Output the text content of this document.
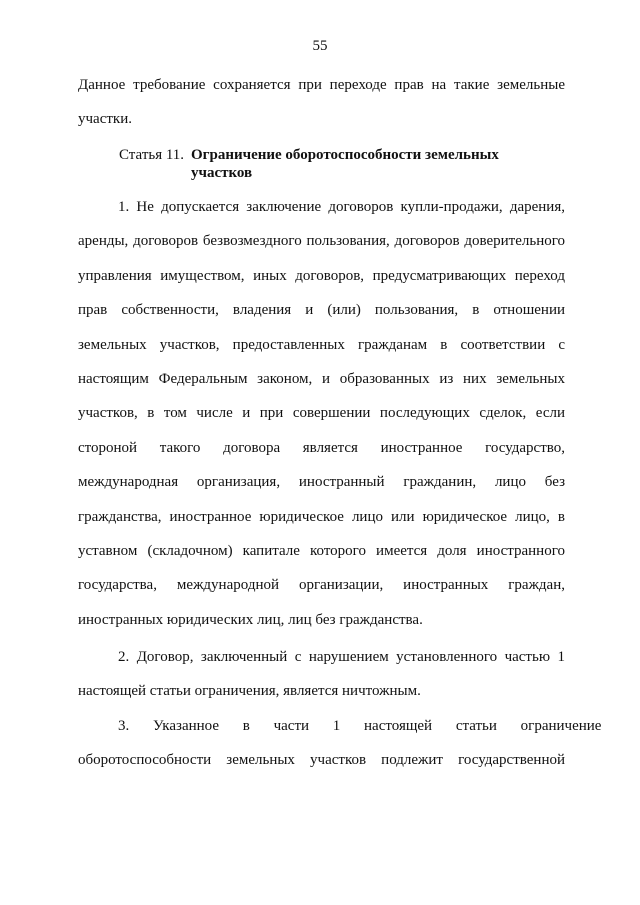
55
Данное требование сохраняется при переходе прав на такие земельные
участки.
Статья 11. Ограничение оборотоспособности земельных
участков
1. Не допускается заключение договоров купли-продажи, дарения,
аренды, договоров безвозмездного пользования, договоров доверительного
управления имуществом, иных договоров, предусматривающих переход
прав собственности, владения и (или) пользования, в отношении
земельных участков, предоставленных гражданам в соответствии с
настоящим Федеральным законом, и образованных из них земельных
участков, в том числе и при совершении последующих сделок, если
стороной такого договора является иностранное государство,
международная организация, иностранный гражданин, лицо без
гражданства, иностранное юридическое лицо или юридическое лицо, в
уставном (складочном) капитале которого имеется доля иностранного
государства, международной организации, иностранных граждан,
иностранных юридических лиц, лиц без гражданства.
2. Договор, заключенный с нарушением установленного частью 1
настоящей статьи ограничения, является ничтожным.
3. Указанное в части 1 настоящей статьи ограничение
оборотоспособности земельных участков подлежит государственной
